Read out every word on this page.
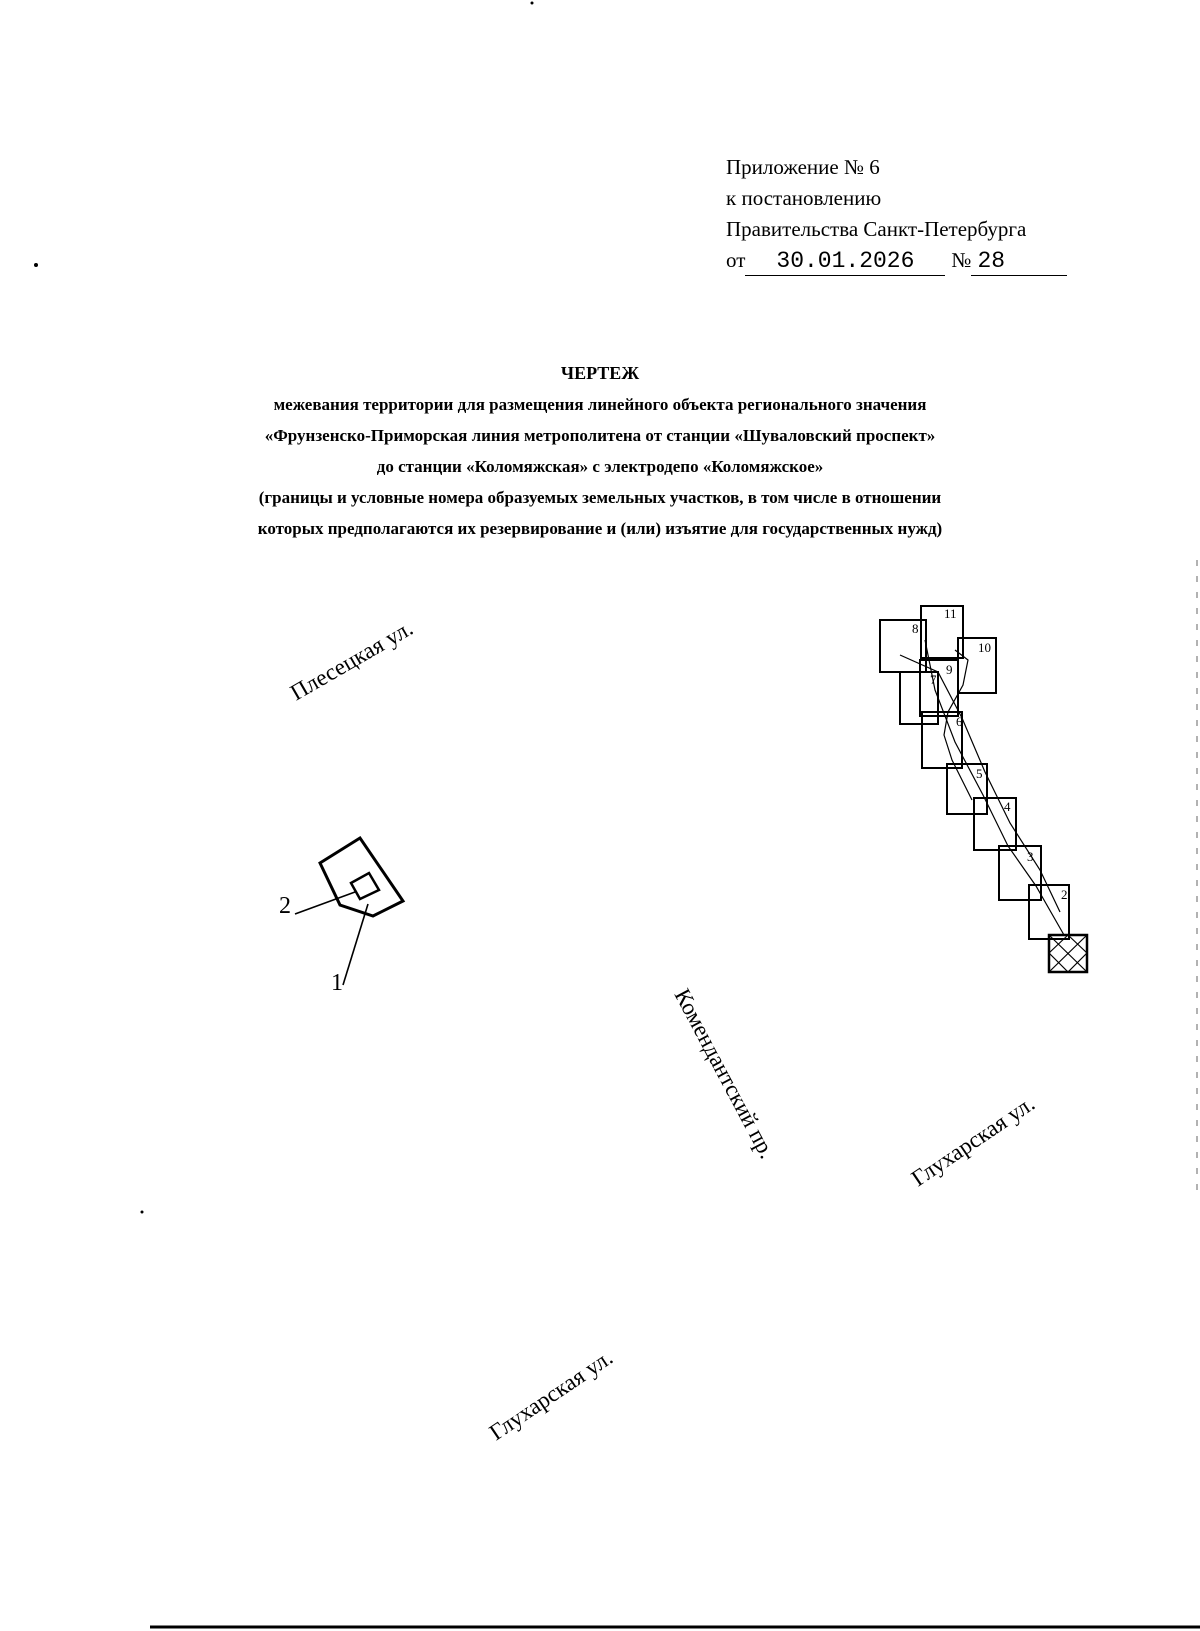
Приложение № 6
к постановлению
Правительства Санкт-Петербурга
от 30.01.2026 № 28
ЧЕРТЕЖ
межевания территории для размещения линейного объекта регионального значения
«Фрунзенско-Приморская линия метрополитена от станции «Шуваловский проспект»
до станции «Коломяжская» с электродепо «Коломяжское»
(границы и условные номера образуемых земельных участков, в том числе в отношении
которых предполагаются их резервирование и (или) изъятие для государственных нужд)
Плесецкая ул.
Комендантский пр.	Глухарская ул.
Глухарская ул.
1
2	2
3
4
5
6
7
8
9
10
11
